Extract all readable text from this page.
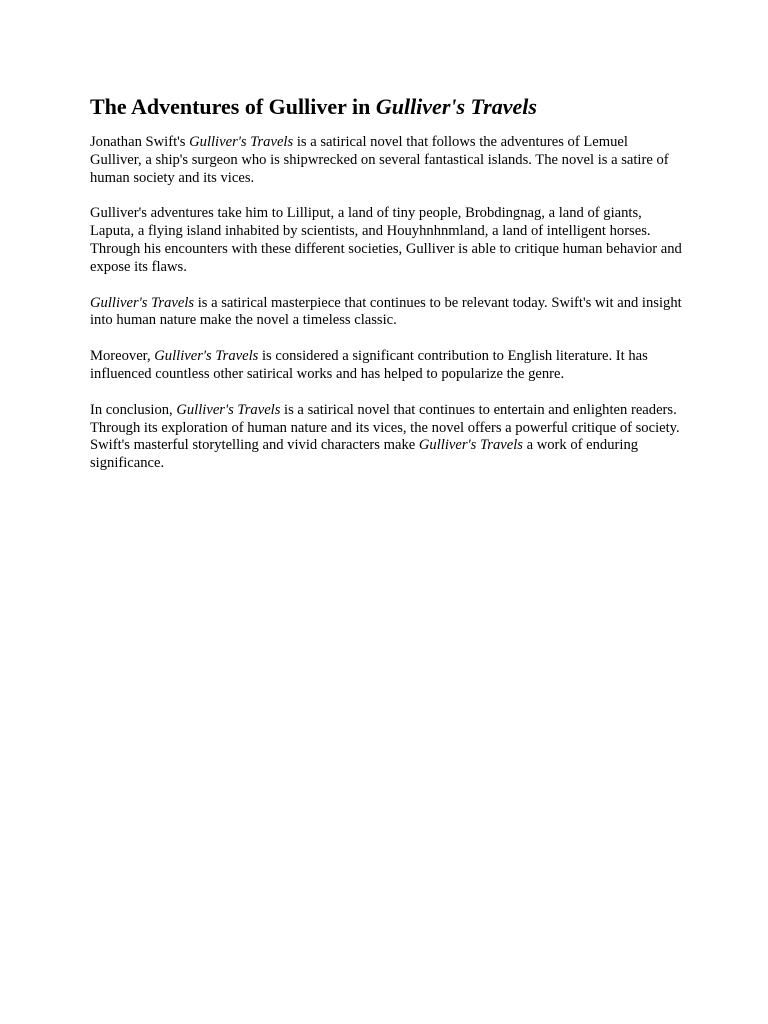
The Adventures of Gulliver in Gulliver's Travels

Jonathan Swift's Gulliver's Travels is a satirical novel that follows the adventures of Lemuel Gulliver, a ship's surgeon who is shipwrecked on several fantastical islands. The novel is a satire of human society and its vices.

Gulliver's adventures take him to Lilliput, a land of tiny people, Brobdingnag, a land of giants, Laputa, a flying island inhabited by scientists, and Houyhnhnmland, a land of intelligent horses. Through his encounters with these different societies, Gulliver is able to critique human behavior and expose its flaws.

Gulliver's Travels is a satirical masterpiece that continues to be relevant today. Swift's wit and insight into human nature make the novel a timeless classic.

Moreover, Gulliver's Travels is considered a significant contribution to English literature. It has influenced countless other satirical works and has helped to popularize the genre.

In conclusion, Gulliver's Travels is a satirical novel that continues to entertain and enlighten readers. Through its exploration of human nature and its vices, the novel offers a powerful critique of society. Swift's masterful storytelling and vivid characters make Gulliver's Travels a work of enduring significance.
